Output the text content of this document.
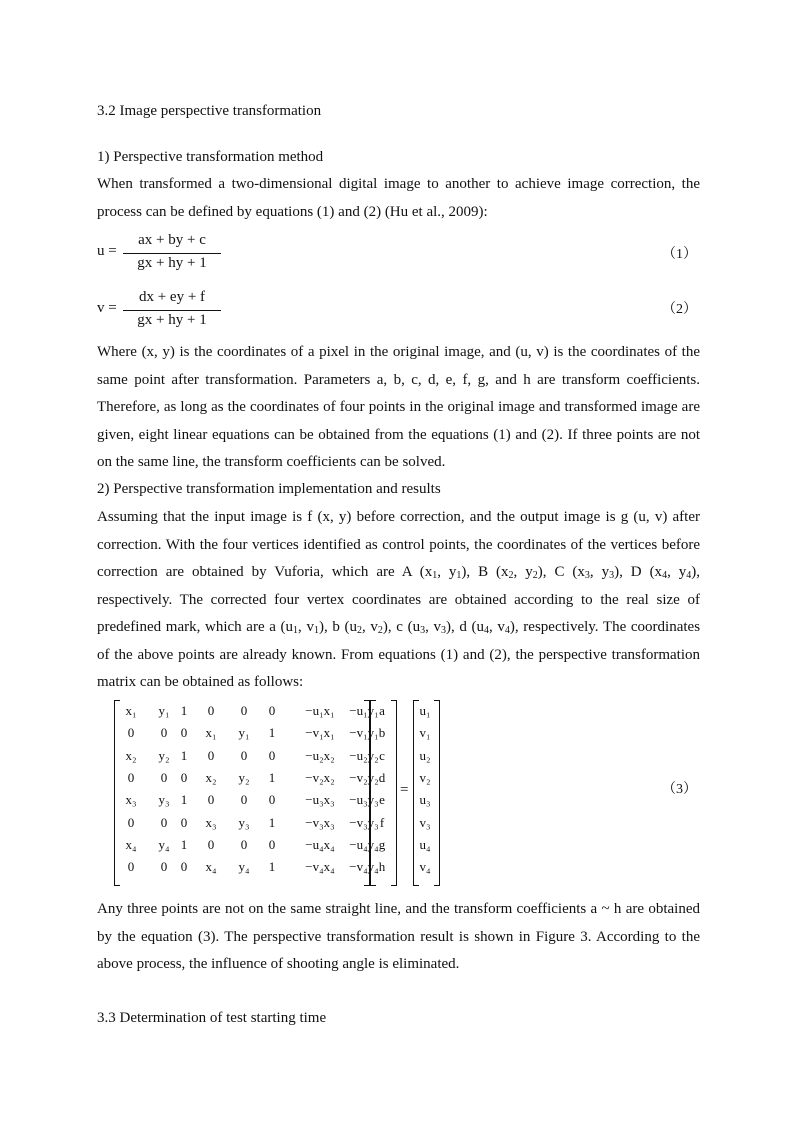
3.2 Image perspective transformation
1) Perspective transformation method
When transformed a two-dimensional digital image to another to achieve image correction, the process can be defined by equations (1) and (2) (Hu et al., 2009):
u =
ax + by + c
gx + hy + 1
（1）
v =
dx + ey + f
gx + hy + 1
（2）
Where (x, y) is the coordinates of a pixel in the original image, and (u, v) is the coordinates of the same point after transformation. Parameters a, b, c, d, e, f, g, and h are transform coefficients. Therefore, as long as the coordinates of four points in the original image and transformed image are given, eight linear equations can be obtained from the equations (1) and (2). If three points are not on the same line, the transform coefficients can be solved.
2) Perspective transformation implementation and results
Assuming that the input image is f (x, y) before correction, and the output image is g (u, v) after correction. With the four vertices identified as control points, the coordinates of the vertices before correction are obtained by Vuforia, which are A ($x_1$, $y_1$), B ($x_2$, $y_2$), C ($x_3$, $y_3$), D ($x_4$, $y_4$), respectively. The corrected four vertex coordinates are obtained according to the real size of predefined mark, which are a ($u_1$, $v_1$), b ($u_2$, $v_2$), c ($u_3$, $v_3$), d ($u_4$, $v_4$), respectively. The coordinates of the above points are already known. From equations (1) and (2), the perspective transformation matrix can be obtained as follows:
x₁	y₁ 1	0	0	0	−u₁x₁	−u₁y₁
0	0	0	x₁	y₁	1	−v₁x₁	−v₁y₁
x₂	y₂ 1	0	0	0	−u₂x₂	−u₂y₂
0	0	0	x₂	y₂	1	−v₂x₂	−v₂y₂
x₃	y₃ 1	0	0	0	−u₃x₃	−u₃y₃
0	0	0	x₃	y₃	1	−v₃x₃	−v₃y₃
x₄	y₄ 1	0	0	0	−u₄x₄	−u₄y₄
0	0	0	x₄	y₄	1	−v₄x₄	−v₄y₄
a
b
c
d
e
f
g
h
=
u₁
v₁
u₂
v₂
u₃
v₃
u₄
v₄
（3）
Any three points are not on the same straight line, and the transform coefficients a ~ h are obtained by the equation (3). The perspective transformation result is shown in Figure 3. According to the above process, the influence of shooting angle is eliminated.
3.3 Determination of test starting time
